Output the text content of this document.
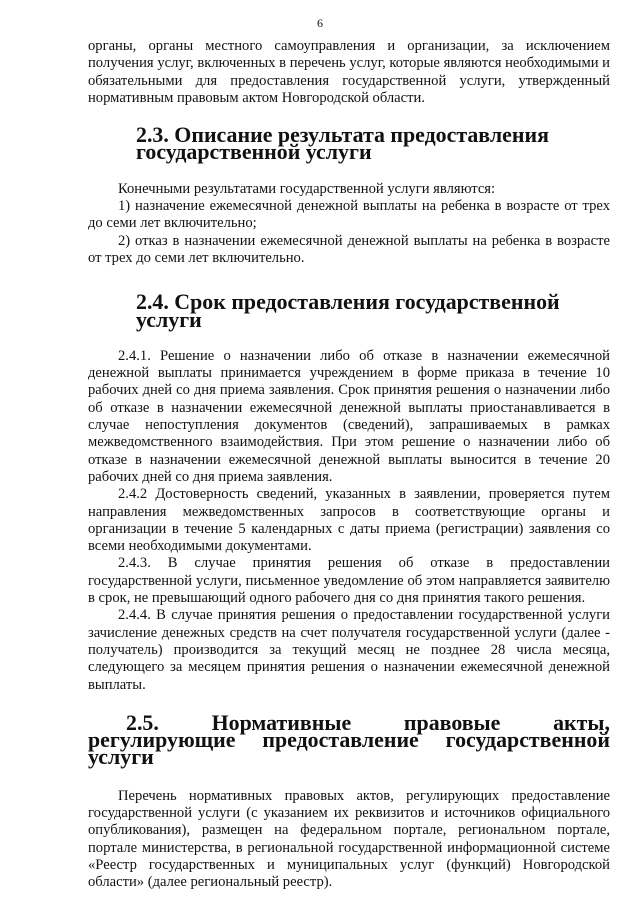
6

органы, органы местного самоуправления и организации, за исключением получения услуг, включенных в перечень услуг, которые являются необходимыми и обязательными для предоставления государственной услуги, утвержденный нормативным правовым актом Новгородской области.

2.3. Описание результата предоставления государственной услуги

Конечными результатами государственной услуги являются:

1) назначение ежемесячной денежной выплаты на ребенка в возрасте от трех до семи лет включительно;

2) отказ в назначении ежемесячной денежной выплаты на ребенка в возрасте от трех до семи лет включительно.

2.4. Срок предоставления государственной услуги

2.4.1. Решение о назначении либо об отказе в назначении ежемесячной денежной выплаты принимается учреждением в форме приказа в течение 10 рабочих дней со дня приема заявления. Срок принятия решения о назначении либо об отказе в назначении ежемесячной денежной выплаты приостанавливается в случае непоступления документов (сведений), запрашиваемых в рамках межведомственного взаимодействия. При этом решение о назначении либо об отказе в назначении ежемесячной денежной выплаты выносится в течение 20 рабочих дней со дня приема заявления.

2.4.2 Достоверность сведений, указанных в заявлении, проверяется путем направления межведомственных запросов в соответствующие органы и организации в течение 5 календарных с даты приема (регистрации) заявления со всеми необходимыми документами.

2.4.3. В случае принятия решения об отказе в предоставлении государственной услуги, письменное уведомление об этом направляется заявителю в срок, не превышающий одного рабочего дня со дня принятия такого решения.

2.4.4. В случае принятия решения о предоставлении государственной услуги зачисление денежных средств на счет получателя государственной услуги (далее - получатель) производится за текущий месяц не позднее 28 числа месяца, следующего за месяцем принятия решения о назначении ежемесячной денежной выплаты.

2.5. Нормативные правовые акты, регулирующие предоставление государственной услуги

Перечень нормативных правовых актов, регулирующих предоставление государственной услуги (с указанием их реквизитов и источников официального опубликования), размещен на федеральном портале, региональном портале, портале министерства, в региональной государственной информационной системе «Реестр государственных и муниципальных услуг (функций) Новгородской области» (далее региональный реестр).
